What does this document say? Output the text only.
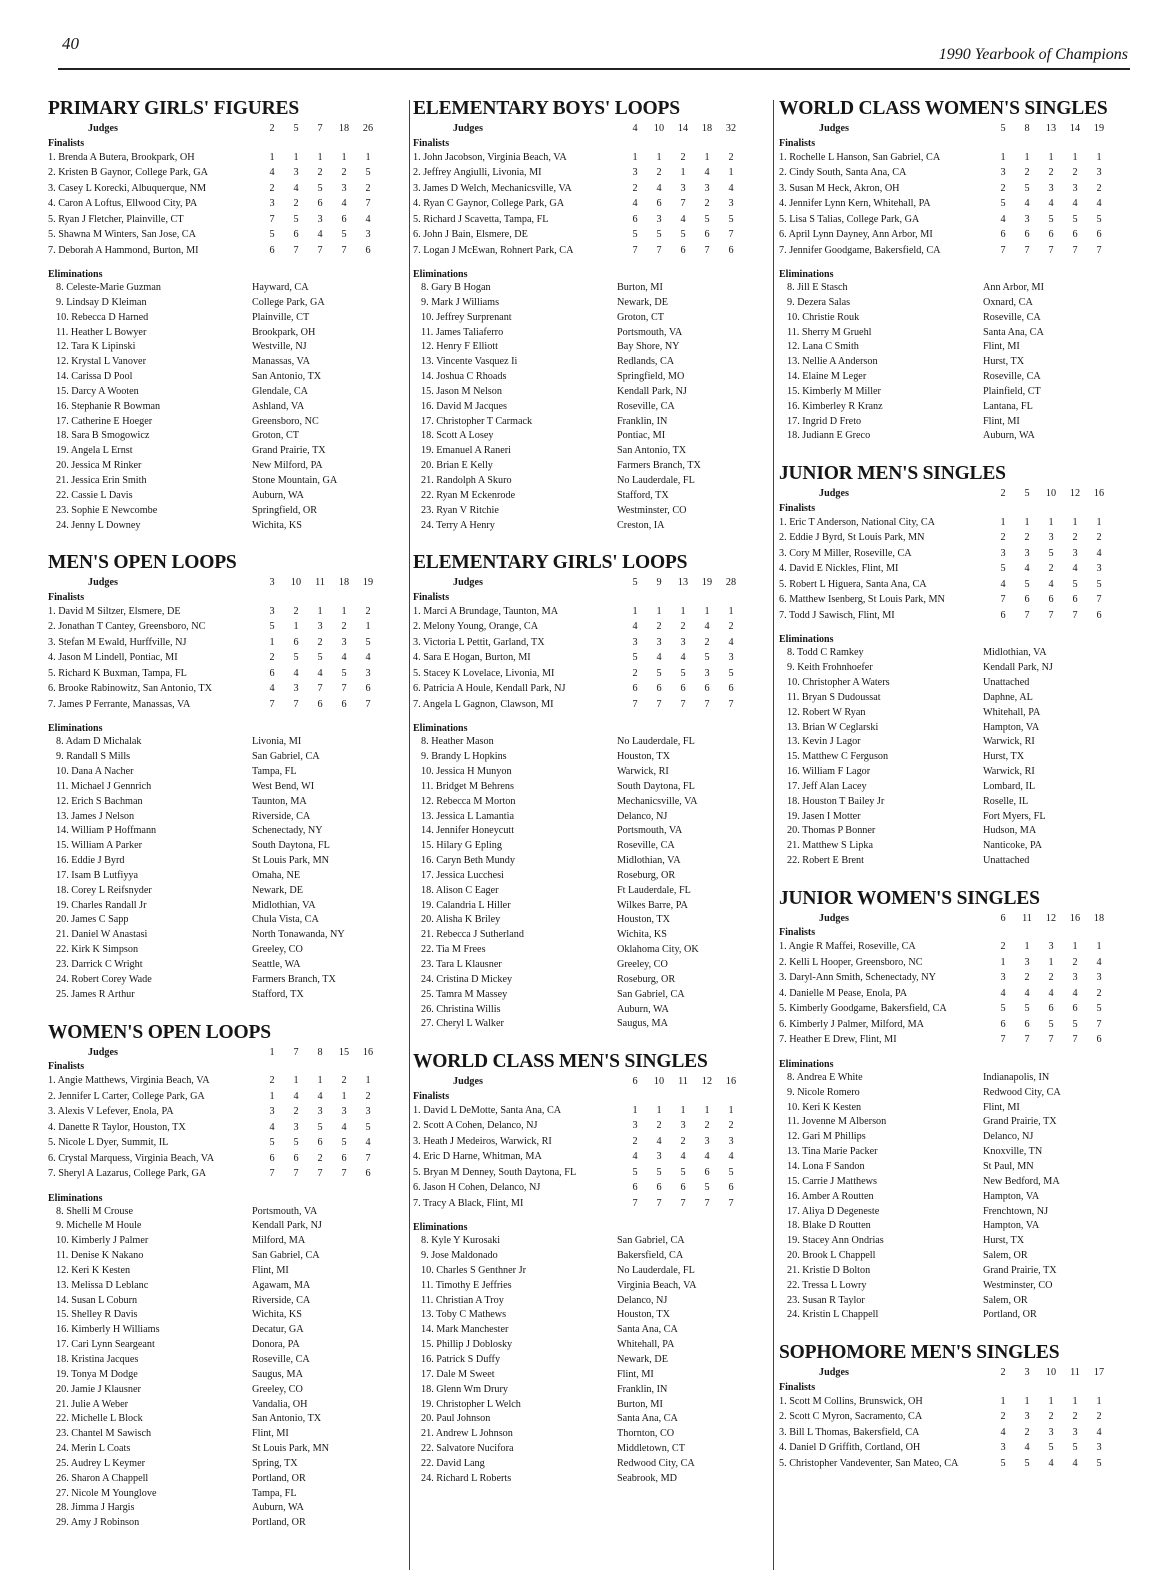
40
1990 Yearbook of Champions
PRIMARY GIRLS' FIGURES
Judges	2	5	7	18	26
Finalists
1. Brenda A Butera, Brookpark, OH	1	1	1	1	1
2. Kristen B Gaynor, College Park, GA	4	3	2	2	5
3. Casey L Korecki, Albuquerque, NM	2	4	5	3	2
4. Caron A Loftus, Ellwood City, PA	3	2	6	4	7
5. Ryan J Fletcher, Plainville, CT	7	5	3	6	4
5. Shawna M Winters, San Jose, CA	5	6	4	5	3
7. Deborah A Hammond, Burton, MI	6	7	7	7	6
Eliminations
8. Celeste-Marie Guzman	Hayward, CA
9. Lindsay D Kleiman	College Park, GA
10. Rebecca D Harned	Plainville, CT
11. Heather L Bowyer	Brookpark, OH
12. Tara K Lipinski	Westville, NJ
12. Krystal L Vanover	Manassas, VA
14. Carissa D Pool	San Antonio, TX
15. Darcy A Wooten	Glendale, CA
16. Stephanie R Bowman	Ashland, VA
17. Catherine E Hoeger	Greensboro, NC
18. Sara B Smogowicz	Groton, CT
19. Angela L Ernst	Grand Prairie, TX
20. Jessica M Rinker	New Milford, PA
21. Jessica Erin Smith	Stone Mountain, GA
22. Cassie L Davis	Auburn, WA
23. Sophie E Newcombe	Springfield, OR
24. Jenny L Downey	Wichita, KS
MEN'S OPEN LOOPS
Judges	3	10	11	18	19
Finalists
1. David M Siltzer, Elsmere, DE	3	2	1	1	2
2. Jonathan T Cantey, Greensboro, NC	5	1	3	2	1
3. Stefan M Ewald, Hurffville, NJ	1	6	2	3	5
4. Jason M Lindell, Pontiac, MI	2	5	5	4	4
5. Richard K Buxman, Tampa, FL	6	4	4	5	3
6. Brooke Rabinowitz, San Antonio, TX	4	3	7	7	6
7. James P Ferrante, Manassas, VA	7	7	6	6	7
Eliminations
8. Adam D Michalak	Livonia, MI
9. Randall S Mills	San Gabriel, CA
10. Dana A Nacher	Tampa, FL
11. Michael J Gennrich	West Bend, WI
12. Erich S Bachman	Taunton, MA
13. James J Nelson	Riverside, CA
14. William P Hoffmann	Schenectady, NY
15. William A Parker	South Daytona, FL
16. Eddie J Byrd	St Louis Park, MN
17. Isam B Lutfiyya	Omaha, NE
18. Corey L Reifsnyder	Newark, DE
19. Charles Randall Jr	Midlothian, VA
20. James C Sapp	Chula Vista, CA
21. Daniel W Anastasi	North Tonawanda, NY
22. Kirk K Simpson	Greeley, CO
23. Darrick C Wright	Seattle, WA
24. Robert Corey Wade	Farmers Branch, TX
25. James R Arthur	Stafford, TX
WOMEN'S OPEN LOOPS
Judges	1	7	8	15	16
Finalists
1. Angie Matthews, Virginia Beach, VA	2	1	1	2	1
2. Jennifer L Carter, College Park, GA	1	4	4	1	2
3. Alexis V Lefever, Enola, PA	3	2	3	3	3
4. Danette R Taylor, Houston, TX	4	3	5	4	5
5. Nicole L Dyer, Summit, IL	5	5	6	5	4
6. Crystal Marquess, Virginia Beach, VA	6	6	2	6	7
7. Sheryl A Lazarus, College Park, GA	7	7	7	7	6
Eliminations
8. Shelli M Crouse	Portsmouth, VA
9. Michelle M Houle	Kendall Park, NJ
10. Kimberly J Palmer	Milford, MA
11. Denise K Nakano	San Gabriel, CA
12. Keri K Kesten	Flint, MI
13. Melissa D Leblanc	Agawam, MA
14. Susan L Coburn	Riverside, CA
15. Shelley R Davis	Wichita, KS
16. Kimberly H Williams	Decatur, GA
17. Cari Lynn Seargeant	Donora, PA
18. Kristina Jacques	Roseville, CA
19. Tonya M Dodge	Saugus, MA
20. Jamie J Klausner	Greeley, CO
21. Julie A Weber	Vandalia, OH
22. Michelle L Block	San Antonio, TX
23. Chantel M Sawisch	Flint, MI
24. Merin L Coats	St Louis Park, MN
25. Audrey L Keymer	Spring, TX
26. Sharon A Chappell	Portland, OR
27. Nicole M Younglove	Tampa, FL
28. Jimma J Hargis	Auburn, WA
29. Amy J Robinson	Portland, OR
ELEMENTARY BOYS' LOOPS
Judges	4	10	14	18	32
Finalists
1. John Jacobson, Virginia Beach, VA	1	1	2	1	2
2. Jeffrey Angiulli, Livonia, MI	3	2	1	4	1
3. James D Welch, Mechanicsville, VA	2	4	3	3	4
4. Ryan C Gaynor, College Park, GA	4	6	7	2	3
5. Richard J Scavetta, Tampa, FL	6	3	4	5	5
6. John J Bain, Elsmere, DE	5	5	5	6	7
7. Logan J McEwan, Rohnert Park, CA	7	7	6	7	6
Eliminations
8. Gary B Hogan	Burton, MI
9. Mark J Williams	Newark, DE
10. Jeffrey Surprenant	Groton, CT
11. James Taliaferro	Portsmouth, VA
12. Henry F Elliott	Bay Shore, NY
13. Vincente Vasquez Ii	Redlands, CA
14. Joshua C Rhoads	Springfield, MO
15. Jason M Nelson	Kendall Park, NJ
16. David M Jacques	Roseville, CA
17. Christopher T Carmack	Franklin, IN
18. Scott A Losey	Pontiac, MI
19. Emanuel A Raneri	San Antonio, TX
20. Brian E Kelly	Farmers Branch, TX
21. Randolph A Skuro	No Lauderdale, FL
22. Ryan M Eckenrode	Stafford, TX
23. Ryan V Ritchie	Westminster, CO
24. Terry A Henry	Creston, IA
ELEMENTARY GIRLS' LOOPS
Judges	5	9	13	19	28
Finalists
1. Marci A Brundage, Taunton, MA	1	1	1	1	1
2. Melony Young, Orange, CA	4	2	2	4	2
3. Victoria L Pettit, Garland, TX	3	3	3	2	4
4. Sara E Hogan, Burton, MI	5	4	4	5	3
5. Stacey K Lovelace, Livonia, MI	2	5	5	3	5
6. Patricia A Houle, Kendall Park, NJ	6	6	6	6	6
7. Angela L Gagnon, Clawson, MI	7	7	7	7	7
Eliminations
8. Heather Mason	No Lauderdale, FL
9. Brandy L Hopkins	Houston, TX
10. Jessica H Munyon	Warwick, RI
11. Bridget M Behrens	South Daytona, FL
12. Rebecca M Morton	Mechanicsville, VA
13. Jessica L Lamantia	Delanco, NJ
14. Jennifer Honeycutt	Portsmouth, VA
15. Hilary G Epling	Roseville, CA
16. Caryn Beth Mundy	Midlothian, VA
17. Jessica Lucchesi	Roseburg, OR
18. Alison C Eager	Ft Lauderdale, FL
19. Calandria L Hiller	Wilkes Barre, PA
20. Alisha K Briley	Houston, TX
21. Rebecca J Sutherland	Wichita, KS
22. Tia M Frees	Oklahoma City, OK
23. Tara L Klausner	Greeley, CO
24. Cristina D Mickey	Roseburg, OR
25. Tamra M Massey	San Gabriel, CA
26. Christina Willis	Auburn, WA
27. Cheryl L Walker	Saugus, MA
WORLD CLASS MEN'S SINGLES
Judges	6	10	11	12	16
Finalists
1. David L DeMotte, Santa Ana, CA	1	1	1	1	1
2. Scott A Cohen, Delanco, NJ	3	2	3	2	2
3. Heath J Medeiros, Warwick, RI	2	4	2	3	3
4. Eric D Harne, Whitman, MA	4	3	4	4	4
5. Bryan M Denney, South Daytona, FL	5	5	5	6	5
6. Jason H Cohen, Delanco, NJ	6	6	6	5	6
7. Tracy A Black, Flint, MI	7	7	7	7	7
Eliminations
8. Kyle Y Kurosaki	San Gabriel, CA
9. Jose Maldonado	Bakersfield, CA
10. Charles S Genthner Jr	No Lauderdale, FL
11. Timothy E Jeffries	Virginia Beach, VA
11. Christian A Troy	Delanco, NJ
13. Toby C Mathews	Houston, TX
14. Mark Manchester	Santa Ana, CA
15. Phillip J Doblosky	Whitehall, PA
16. Patrick S Duffy	Newark, DE
17. Dale M Sweet	Flint, MI
18. Glenn Wm Drury	Franklin, IN
19. Christopher L Welch	Burton, MI
20. Paul Johnson	Santa Ana, CA
21. Andrew L Johnson	Thornton, CO
22. Salvatore Nucifora	Middletown, CT
22. David Lang	Redwood City, CA
24. Richard L Roberts	Seabrook, MD
WORLD CLASS WOMEN'S SINGLES
Judges	5	8	13	14	19
Finalists
1. Rochelle L Hanson, San Gabriel, CA	1	1	1	1	1
2. Cindy South, Santa Ana, CA	3	2	2	2	3
3. Susan M Heck, Akron, OH	2	5	3	3	2
4. Jennifer Lynn Kern, Whitehall, PA	5	4	4	4	4
5. Lisa S Talias, College Park, GA	4	3	5	5	5
6. April Lynn Dayney, Ann Arbor, MI	6	6	6	6	6
7. Jennifer Goodgame, Bakersfield, CA	7	7	7	7	7
Eliminations
8. Jill E Stasch	Ann Arbor, MI
9. Dezera Salas	Oxnard, CA
10. Christie Rouk	Roseville, CA
11. Sherry M Gruehl	Santa Ana, CA
12. Lana C Smith	Flint, MI
13. Nellie A Anderson	Hurst, TX
14. Elaine M Leger	Roseville, CA
15. Kimberly M Miller	Plainfield, CT
16. Kimberley R Kranz	Lantana, FL
17. Ingrid D Freto	Flint, MI
18. Judiann E Greco	Auburn, WA
JUNIOR MEN'S SINGLES
Judges	2	5	10	12	16
Finalists
1. Eric T Anderson, National City, CA	1	1	1	1	1
2. Eddie J Byrd, St Louis Park, MN	2	2	3	2	2
3. Cory M Miller, Roseville, CA	3	3	5	3	4
4. David E Nickles, Flint, MI	5	4	2	4	3
5. Robert L Higuera, Santa Ana, CA	4	5	4	5	5
6. Matthew Isenberg, St Louis Park, MN	7	6	6	6	7
7. Todd J Sawisch, Flint, MI	6	7	7	7	6
Eliminations
8. Todd C Ramkey	Midlothian, VA
9. Keith Frohnhoefer	Kendall Park, NJ
10. Christopher A Waters	Unattached
11. Bryan S Dudoussat	Daphne, AL
12. Robert W Ryan	Whitehall, PA
13. Brian W Ceglarski	Hampton, VA
13. Kevin J Lagor	Warwick, RI
15. Matthew C Ferguson	Hurst, TX
16. William F Lagor	Warwick, RI
17. Jeff Alan Lacey	Lombard, IL
18. Houston T Bailey Jr	Roselle, IL
19. Jasen I Motter	Fort Myers, FL
20. Thomas P Bonner	Hudson, MA
21. Matthew S Lipka	Nanticoke, PA
22. Robert E Brent	Unattached
JUNIOR WOMEN'S SINGLES
Judges	6	11	12	16	18
Finalists
1. Angie R Maffei, Roseville, CA	2	1	3	1	1
2. Kelli L Hooper, Greensboro, NC	1	3	1	2	4
3. Daryl-Ann Smith, Schenectady, NY	3	2	2	3	3
4. Danielle M Pease, Enola, PA	4	4	4	4	2
5. Kimberly Goodgame, Bakersfield, CA	5	5	6	6	5
6. Kimberly J Palmer, Milford, MA	6	6	5	5	7
7. Heather E Drew, Flint, MI	7	7	7	7	6
Eliminations
8. Andrea E White	Indianapolis, IN
9. Nicole Romero	Redwood City, CA
10. Keri K Kesten	Flint, MI
11. Jovenne M Alberson	Grand Prairie, TX
12. Gari M Phillips	Delanco, NJ
13. Tina Marie Packer	Knoxville, TN
14. Lona F Sandon	St Paul, MN
15. Carrie J Matthews	New Bedford, MA
16. Amber A Routten	Hampton, VA
17. Aliya D Degeneste	Frenchtown, NJ
18. Blake D Routten	Hampton, VA
19. Stacey Ann Ondrias	Hurst, TX
20. Brook L Chappell	Salem, OR
21. Kristie D Bolton	Grand Prairie, TX
22. Tressa L Lowry	Westminster, CO
23. Susan R Taylor	Salem, OR
24. Kristin L Chappell	Portland, OR
SOPHOMORE MEN'S SINGLES
Judges	2	3	10	11	17
Finalists
1. Scott M Collins, Brunswick, OH	1	1	1	1	1
2. Scott C Myron, Sacramento, CA	2	3	2	2	2
3. Bill L Thomas, Bakersfield, CA	4	2	3	3	4
4. Daniel D Griffith, Cortland, OH	3	4	5	5	3
5. Christopher Vandeventer, San Mateo, CA	5	5	4	4	5
